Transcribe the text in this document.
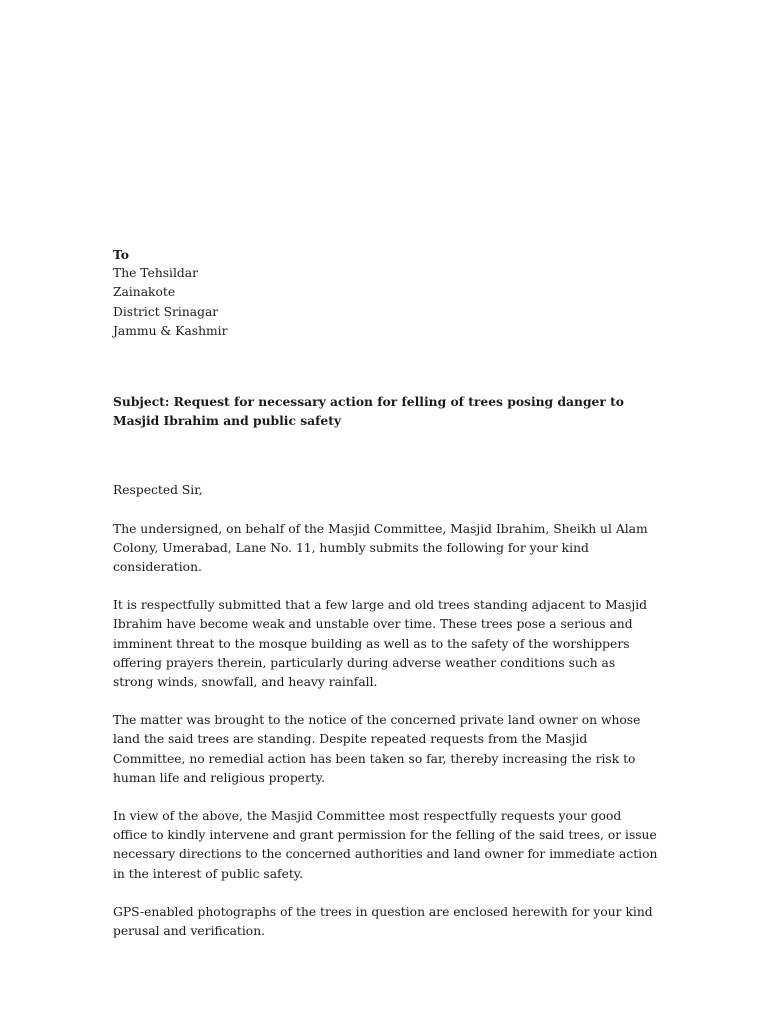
To

The Tehsildar

Zainakote

District Srinagar

Jammu & Kashmir

Subject: Request for necessary action for felling of trees posing danger to Masjid Ibrahim and public safety

Respected Sir,

The undersigned, on behalf of the Masjid Committee, Masjid Ibrahim, Sheikh ul Alam Colony, Umerabad, Lane No. 11, humbly submits the following for your kind consideration.

It is respectfully submitted that a few large and old trees standing adjacent to Masjid Ibrahim have become weak and unstable over time. These trees pose a serious and imminent threat to the mosque building as well as to the safety of the worshippers offering prayers therein, particularly during adverse weather conditions such as strong winds, snowfall, and heavy rainfall.

The matter was brought to the notice of the concerned private land owner on whose land the said trees are standing. Despite repeated requests from the Masjid Committee, no remedial action has been taken so far, thereby increasing the risk to human life and religious property.

In view of the above, the Masjid Committee most respectfully requests your good office to kindly intervene and grant permission for the felling of the said trees, or issue necessary directions to the concerned authorities and land owner for immediate action in the interest of public safety.

GPS-enabled photographs of the trees in question are enclosed herewith for your kind perusal and verification.
